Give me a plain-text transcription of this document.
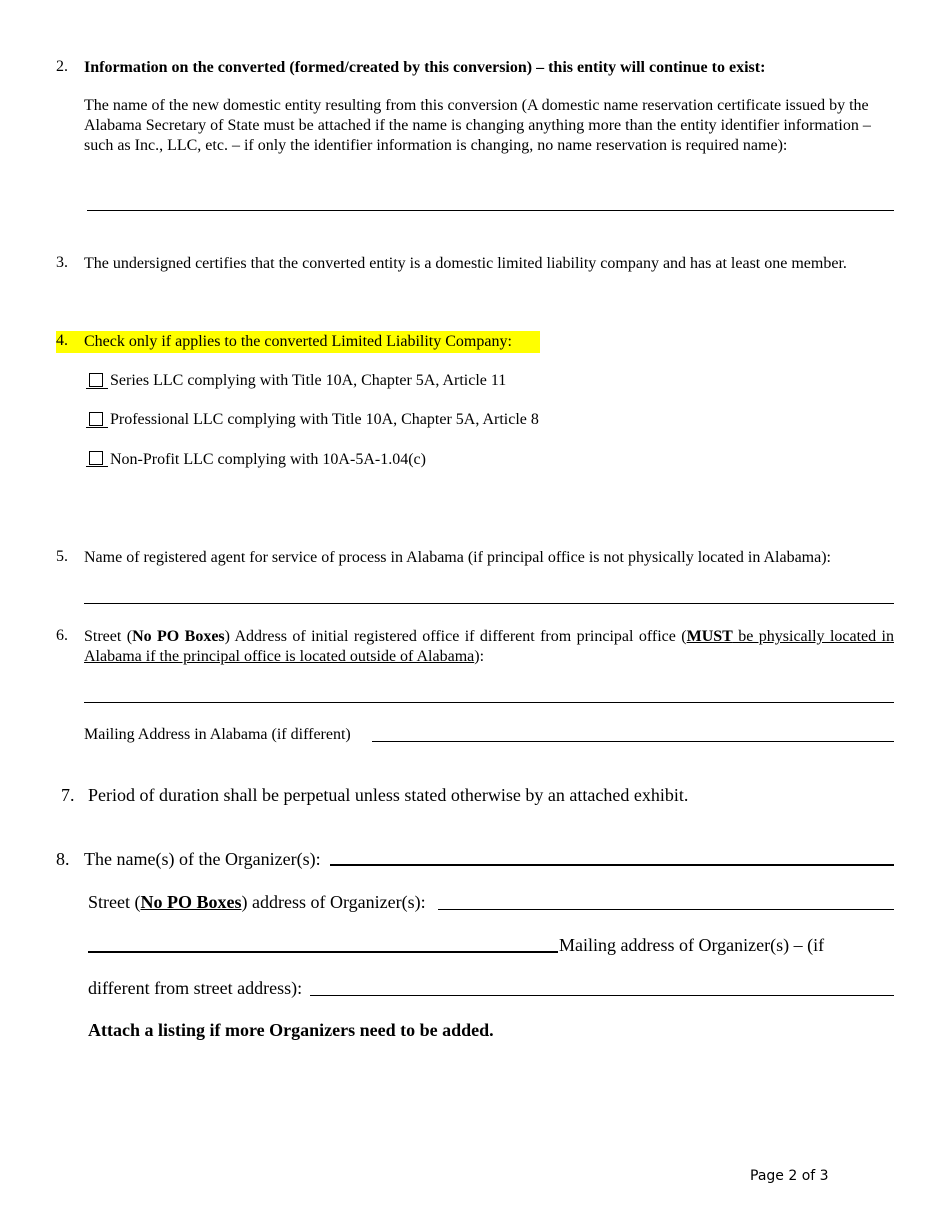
2. Information on the converted (formed/created by this conversion) – this entity will continue to exist:
The name of the new domestic entity resulting from this conversion (A domestic name reservation certificate issued by the Alabama Secretary of State must be attached if the name is changing anything more than the entity identifier information – such as Inc., LLC, etc. – if only the identifier information is changing, no name reservation is required name):
3. The undersigned certifies that the converted entity is a domestic limited liability company and has at least one member.
4. Check only if applies to the converted Limited Liability Company:
Series LLC complying with Title 10A, Chapter 5A, Article 11
Professional LLC complying with Title 10A, Chapter 5A, Article 8
Non-Profit LLC complying with 10A-5A-1.04(c)
5. Name of registered agent for service of process in Alabama (if principal office is not physically located in Alabama):
6. Street (No PO Boxes) Address of initial registered office if different from principal office (MUST be physically located in Alabama if the principal office is located outside of Alabama):
Mailing Address in Alabama (if different)
7. Period of duration shall be perpetual unless stated otherwise by an attached exhibit.
8. The name(s) of the Organizer(s):
Street (No PO Boxes) address of Organizer(s):
Mailing address of Organizer(s) – (if
different from street address):
Attach a listing if more Organizers need to be added.
Page 2 of 3
